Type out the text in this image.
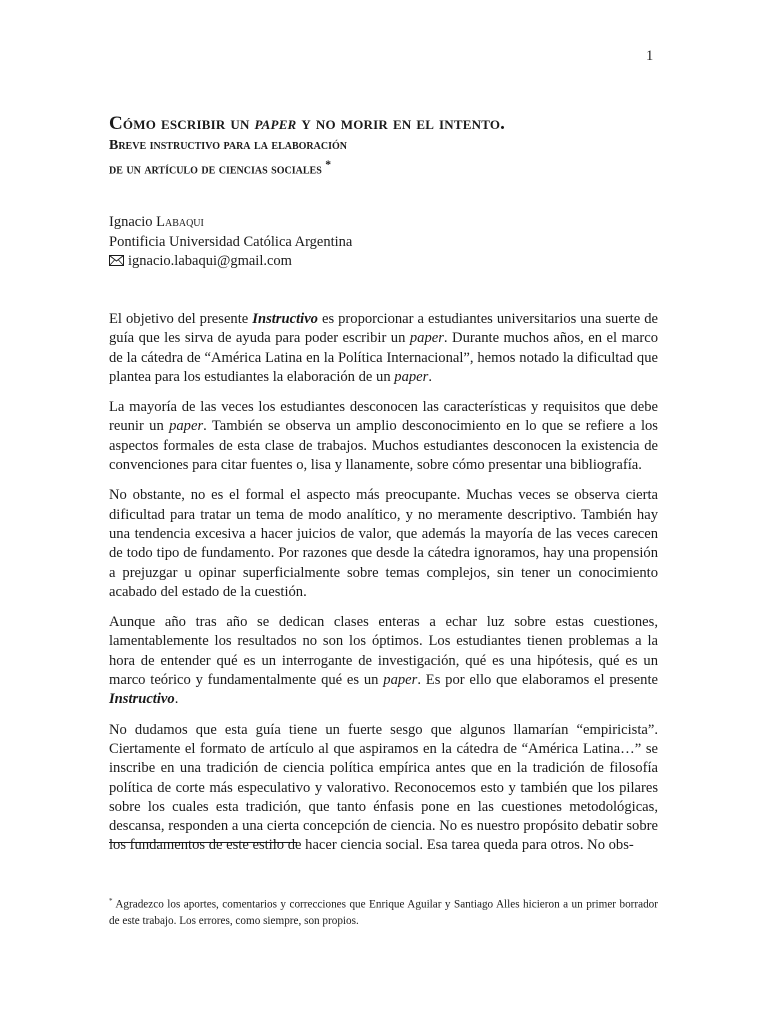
1
Cómo escribir un paper y no morir en el intento.

Breve instructivo para la elaboración

de un artículo de ciencias sociales *

Ignacio Labaqui
Pontificia Universidad Católica Argentina
ignacio.labaqui@gmail.com

El objetivo del presente Instructivo es proporcionar a estudiantes universitarios una suerte de guía que les sirva de ayuda para poder escribir un paper. Durante muchos años, en el marco de la cátedra de “América Latina en la Política Internacional”, hemos notado la dificultad que plantea para los estudiantes la elaboración de un paper.

La mayoría de las veces los estudiantes desconocen las características y requisitos que debe reunir un paper. También se observa un amplio desconocimiento en lo que se refiere a los aspectos formales de esta clase de trabajos. Muchos estudiantes desconocen la existencia de convenciones para citar fuentes o, lisa y llanamente, sobre cómo presentar una bibliografía.

No obstante, no es el formal el aspecto más preocupante. Muchas veces se observa cierta dificultad para tratar un tema de modo analítico, y no meramente descriptivo. También hay una tendencia excesiva a hacer juicios de valor, que además la mayoría de las veces carecen de todo tipo de fundamento. Por razones que desde la cátedra ignoramos, hay una propensión a prejuzgar u opinar superficialmente sobre temas complejos, sin tener un conocimiento acabado del estado de la cuestión.

Aunque año tras año se dedican clases enteras a echar luz sobre estas cuestiones, lamentablemente los resultados no son los óptimos. Los estudiantes tienen problemas a la hora de entender qué es un interrogante de investigación, qué es una hipótesis, qué es un marco teórico y fundamentalmente qué es un paper. Es por ello que elaboramos el presente Instructivo.

No dudamos que esta guía tiene un fuerte sesgo que algunos llamarían “empiricista”. Ciertamente el formato de artículo al que aspiramos en la cátedra de “América Latina…” se inscribe en una tradición de ciencia política empírica antes que en la tradición de filosofía política de corte más especulativo y valorativo. Reconocemos esto y también que los pilares sobre los cuales esta tradición, que tanto énfasis pone en las cuestiones metodológicas, descansa, responden a una cierta concepción de ciencia. No es nuestro propósito debatir sobre los fundamentos de este estilo de hacer ciencia social. Esa tarea queda para otros. No obs-

* Agradezco los aportes, comentarios y correcciones que Enrique Aguilar y Santiago Alles hicieron a un primer borrador de este trabajo. Los errores, como siempre, son propios.
